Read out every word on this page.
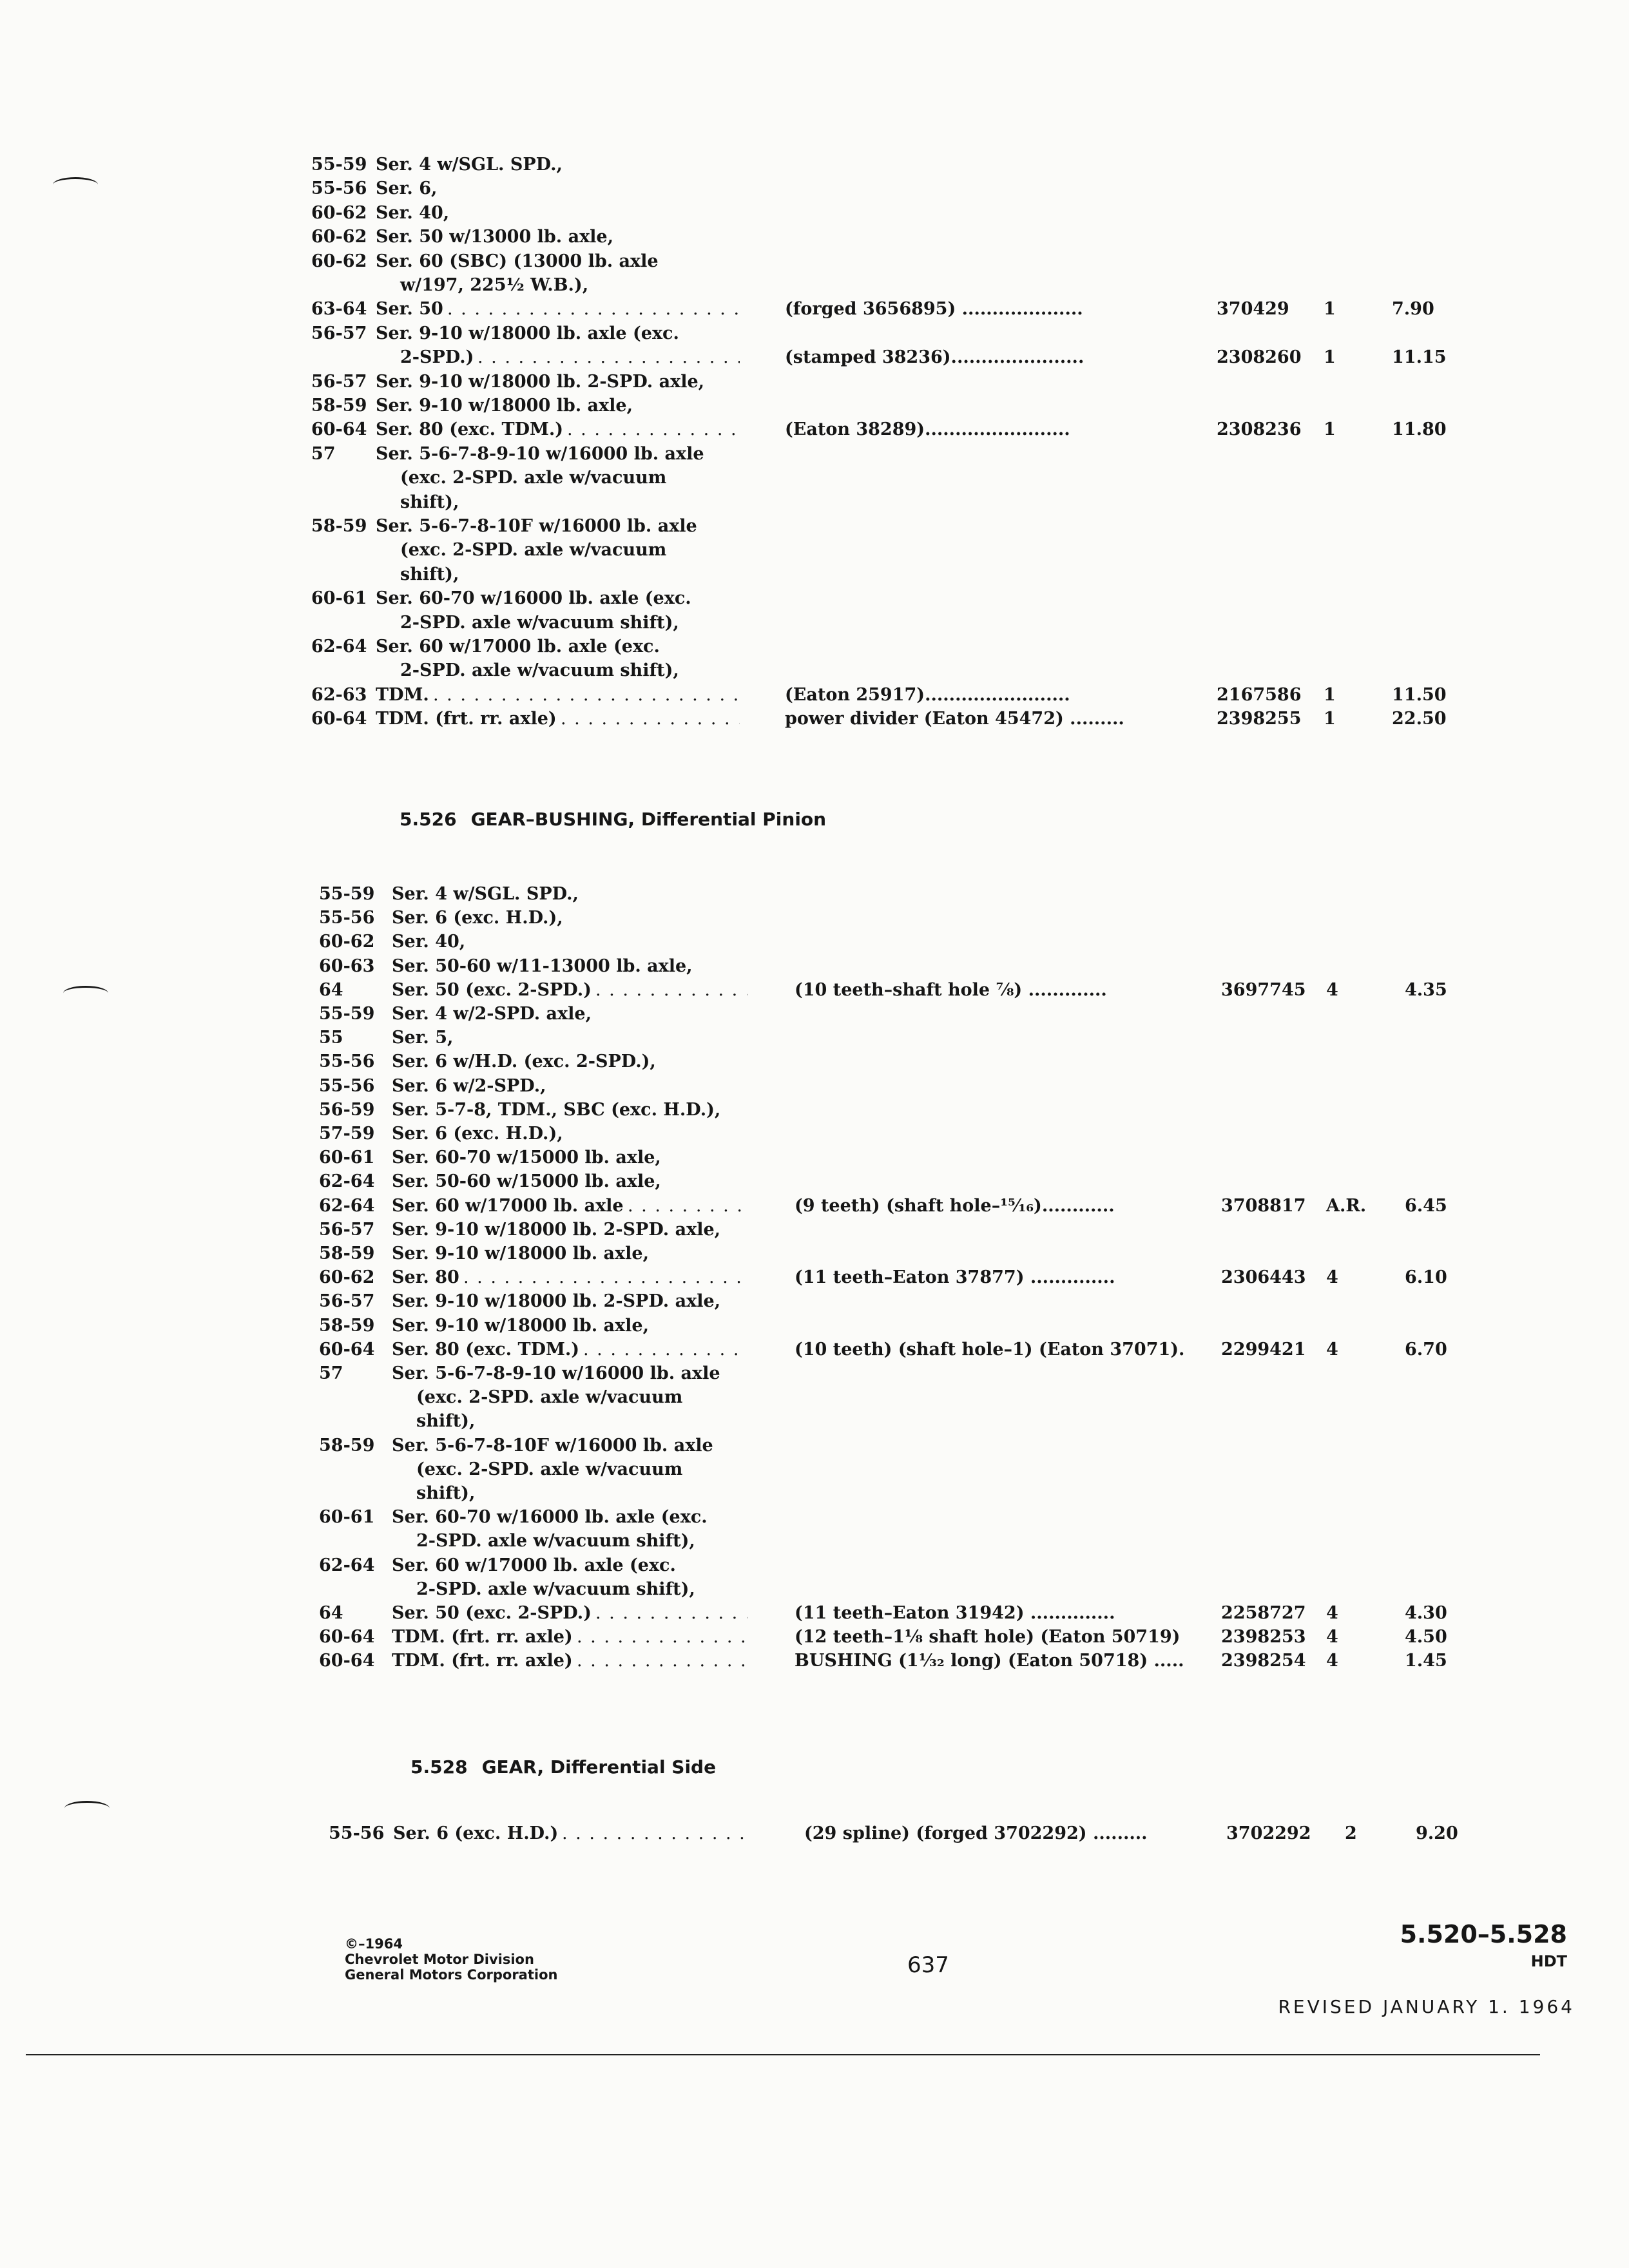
55-59 Ser. 4 w/SGL. SPD.,
55-56 Ser. 6,
60-62 Ser. 40,
60-62 Ser. 50 w/13000 lb. axle,
60-62 Ser. 60 (SBC) (13000 lb. axle
w/197, 225½ W.B.),
63-64 Ser. 50 . . .	(forged 3656895) ....................	370429 1	7.90
56-57 Ser. 9-10 w/18000 lb. axle (exc.
2-SPD.) . . .	(stamped 38236)......................	2308260 1	11.15
56-57 Ser. 9-10 w/18000 lb. 2-SPD. axle,
58-59 Ser. 9-10 w/18000 lb. axle,
60-64 Ser. 80 (exc. TDM.) . . .	(Eaton 38289)........................	2308236 1	11.80
57 Ser. 5-6-7-8-9-10 w/16000 lb. axle
(exc. 2-SPD. axle w/vacuum
shift),
58-59 Ser. 5-6-7-8-10F w/16000 lb. axle
(exc. 2-SPD. axle w/vacuum
shift),
60-61 Ser. 60-70 w/16000 lb. axle (exc.
2-SPD. axle w/vacuum shift),
62-64 Ser. 60 w/17000 lb. axle (exc.
2-SPD. axle w/vacuum shift),
62-63 TDM. . . .	(Eaton 25917)........................	2167586 1	11.50
60-64 TDM. (frt. rr. axle) . . .	power divider (Eaton 45472) .........	2398255 1	22.50
5.526 GEAR–BUSHING, Differential Pinion
55-59 Ser. 4 w/SGL. SPD.,
55-56 Ser. 6 (exc. H.D.),
60-62 Ser. 40,
60-63 Ser. 50-60 w/11-13000 lb. axle,
64	Ser. 50 (exc. 2-SPD.) . . .	(10 teeth–shaft hole ⅞) .............	3697745 4	4.35
55-59 Ser. 4 w/2-SPD. axle,
55	Ser. 5,
55-56 Ser. 6 w/H.D. (exc. 2-SPD.),
55-56 Ser. 6 w/2-SPD.,
56-59 Ser. 5-7-8, TDM., SBC (exc. H.D.),
57-59 Ser. 6 (exc. H.D.),
60-61 Ser. 60-70 w/15000 lb. axle,
62-64 Ser. 50-60 w/15000 lb. axle,
62-64 Ser. 60 w/17000 lb. axle . . .	(9 teeth) (shaft hole–¹⁵⁄₁₆)............	3708817 A.R. 6.45
56-57 Ser. 9-10 w/18000 lb. 2-SPD. axle,
58-59 Ser. 9-10 w/18000 lb. axle,
60-62 Ser. 80 . . .	(11 teeth–Eaton 37877) ..............	2306443 4	6.10
56-57 Ser. 9-10 w/18000 lb. 2-SPD. axle,
58-59 Ser. 9-10 w/18000 lb. axle,
60-64 Ser. 80 (exc. TDM.) . . .	(10 teeth) (shaft hole–1) (Eaton 37071). 2299421 4	6.70
57	Ser. 5-6-7-8-9-10 w/16000 lb. axle
(exc. 2-SPD. axle w/vacuum
shift),
58-59 Ser. 5-6-7-8-10F w/16000 lb. axle
(exc. 2-SPD. axle w/vacuum
shift),
60-61 Ser. 60-70 w/16000 lb. axle (exc.
2-SPD. axle w/vacuum shift),
62-64 Ser. 60 w/17000 lb. axle (exc.
2-SPD. axle w/vacuum shift),
64	Ser. 50 (exc. 2-SPD.) . . .	(11 teeth–Eaton 31942) ..............	2258727 4	4.30
60-64 TDM. (frt. rr. axle) . . .	(12 teeth–1⅛ shaft hole) (Eaton 50719) 2398253 4	4.50
60-64 TDM. (frt. rr. axle) . . .	BUSHING (1¹⁄₃₂ long) (Eaton 50718) ..... 2398254 4	1.45
5.528 GEAR, Differential Side
55-56 Ser. 6 (exc. H.D.) . . .	(29 spline) (forged 3702292) .........	3702292 2	9.20
©–1964
Chevrolet Motor Division
General Motors Corporation	637
5.520–5.528
HDT
REVISED JANUARY 1. 1964
